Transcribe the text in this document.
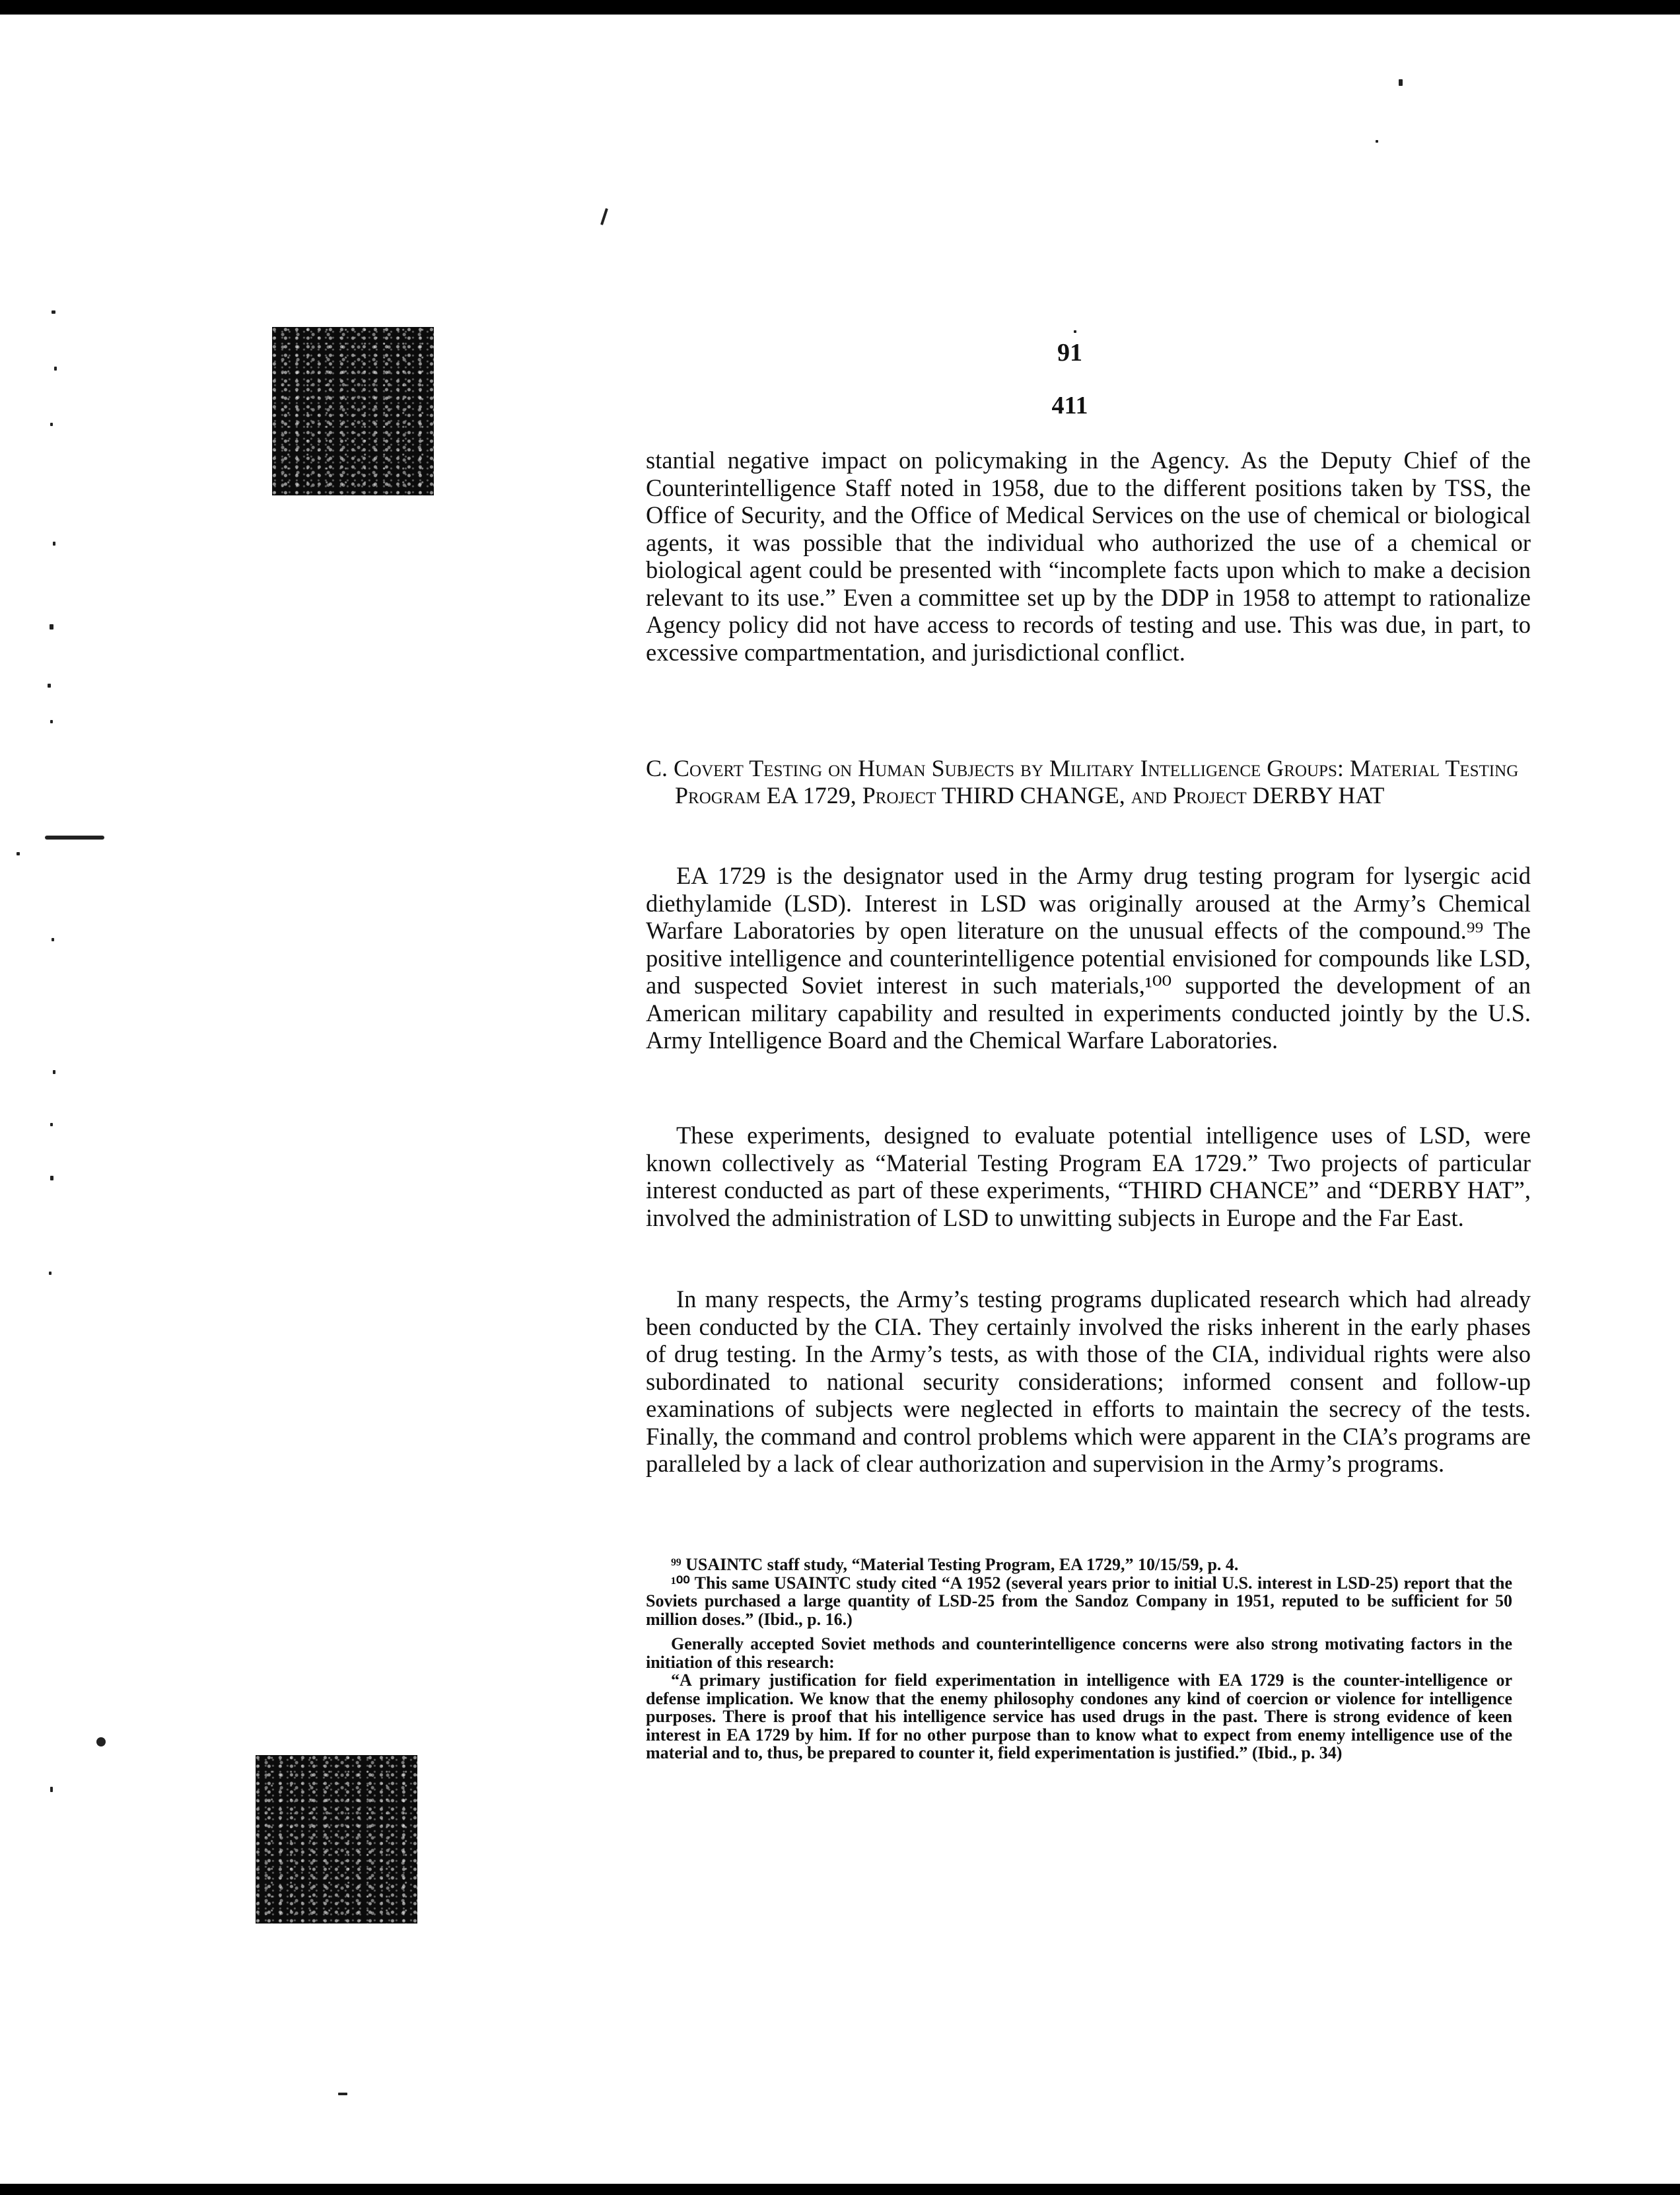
91
411

stantial negative impact on policymaking in the Agency. As the Deputy Chief of the Counterintelligence Staff noted in 1958, due to the different positions taken by TSS, the Office of Security, and the Office of Medical Services on the use of chemical or biological agents, it was possible that the individual who authorized the use of a chemical or biological agent could be presented with “incomplete facts upon which to make a decision relevant to its use.” Even a committee set up by the DDP in 1958 to attempt to rationalize Agency policy did not have access to records of testing and use. This was due, in part, to excessive compartmentation, and jurisdictional conflict.

C. Covert Testing on Human Subjects by Military Intelligence Groups: Material Testing Program EA 1729, Project THIRD CHANGE, and Project DERBY HAT

EA 1729 is the designator used in the Army drug testing program for lysergic acid diethylamide (LSD). Interest in LSD was originally aroused at the Army’s Chemical Warfare Laboratories by open literature on the unusual effects of the compound.⁹⁹ The positive intelligence and counterintelligence potential envisioned for compounds like LSD, and suspected Soviet interest in such materials,¹⁰⁰ supported the development of an American military capability and resulted in experiments conducted jointly by the U.S. Army Intelligence Board and the Chemical Warfare Laboratories.

These experiments, designed to evaluate potential intelligence uses of LSD, were known collectively as “Material Testing Program EA 1729.” Two projects of particular interest conducted as part of these experiments, “THIRD CHANCE” and “DERBY HAT”, involved the administration of LSD to unwitting subjects in Europe and the Far East.

In many respects, the Army’s testing programs duplicated research which had already been conducted by the CIA. They certainly involved the risks inherent in the early phases of drug testing. In the Army’s tests, as with those of the CIA, individual rights were also subordinated to national security considerations; informed consent and follow-up examinations of subjects were neglected in efforts to maintain the secrecy of the tests. Finally, the command and control problems which were apparent in the CIA’s programs are paralleled by a lack of clear authorization and supervision in the Army’s programs.

⁹⁹ USAINTC staff study, “Material Testing Program, EA 1729,” 10/15/59, p. 4.

¹⁰⁰ This same USAINTC study cited “A 1952 (several years prior to initial U.S. interest in LSD-25) report that the Soviets purchased a large quantity of LSD-25 from the Sandoz Company in 1951, reputed to be sufficient for 50 million doses.” (Ibid., p. 16.)

Generally accepted Soviet methods and counterintelligence concerns were also strong motivating factors in the initiation of this research:

“A primary justification for field experimentation in intelligence with EA 1729 is the counter-intelligence or defense implication. We know that the enemy philosophy condones any kind of coercion or violence for intelligence purposes. There is proof that his intelligence service has used drugs in the past. There is strong evidence of keen interest in EA 1729 by him. If for no other purpose than to know what to expect from enemy intelligence use of the material and to, thus, be prepared to counter it, field experimentation is justified.” (Ibid., p. 34)
